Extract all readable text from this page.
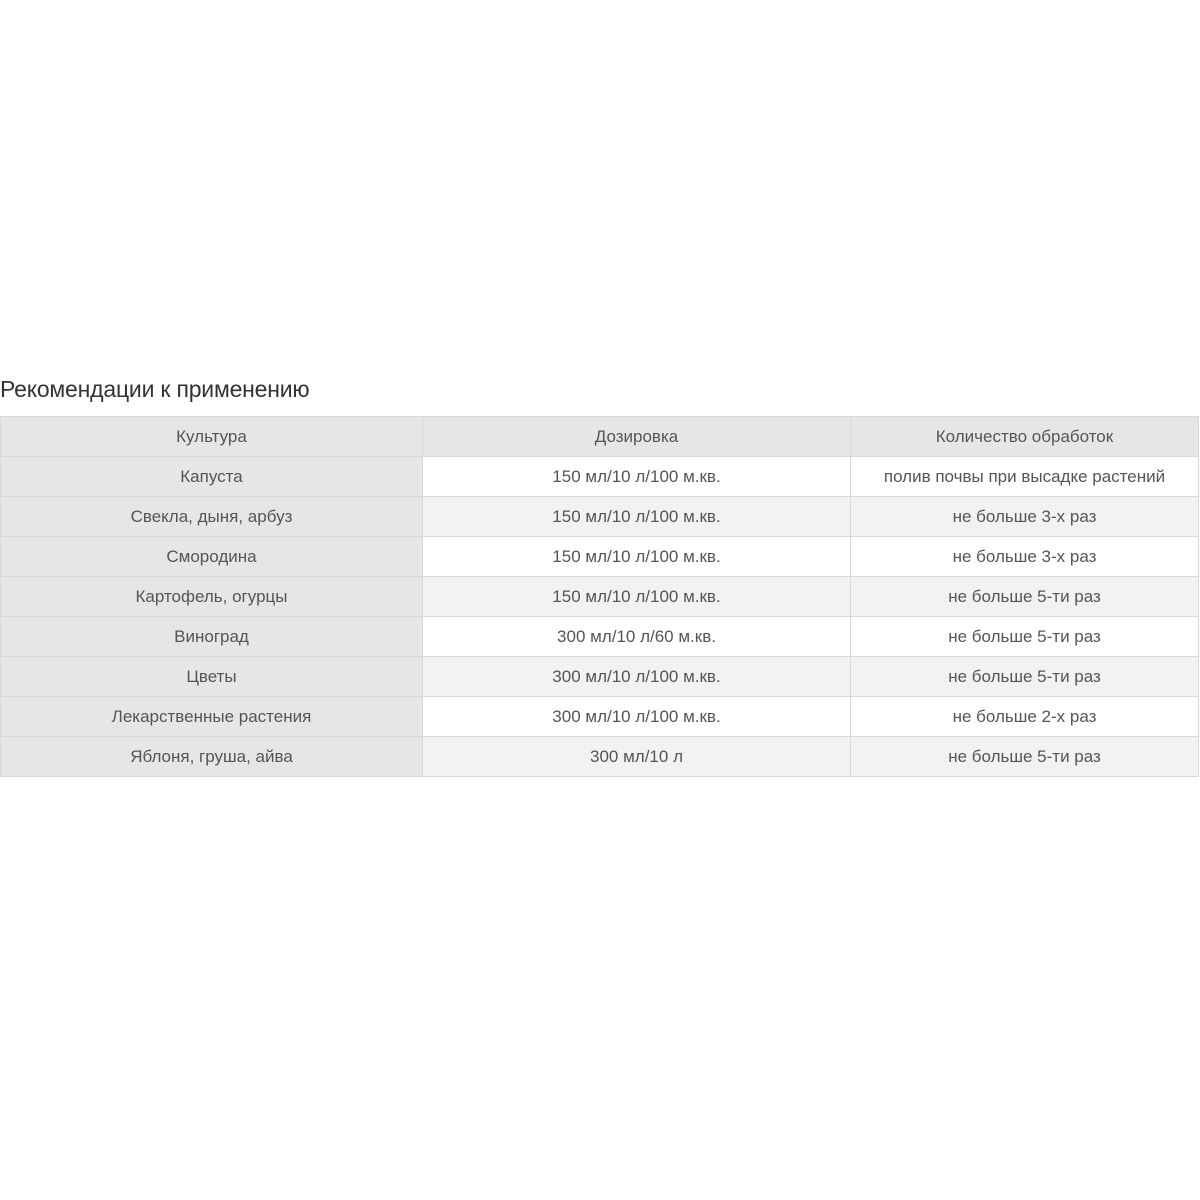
Рекомендации к применению
Культура	Дозировка	Количество обработок
Капуста	150 мл/10 л/100 м.кв.	полив почвы при высадке растений
Свекла, дыня, арбуз	150 мл/10 л/100 м.кв.	не больше 3-х раз
Смородина	150 мл/10 л/100 м.кв.	не больше 3-х раз
Картофель, огурцы	150 мл/10 л/100 м.кв.	не больше 5-ти раз
Виноград	300 мл/10 л/60 м.кв.	не больше 5-ти раз
Цветы	300 мл/10 л/100 м.кв.	не больше 5-ти раз
Лекарственные растения	300 мл/10 л/100 м.кв.	не больше 2-х раз
Яблоня, груша, айва	300 мл/10 л	не больше 5-ти раз
